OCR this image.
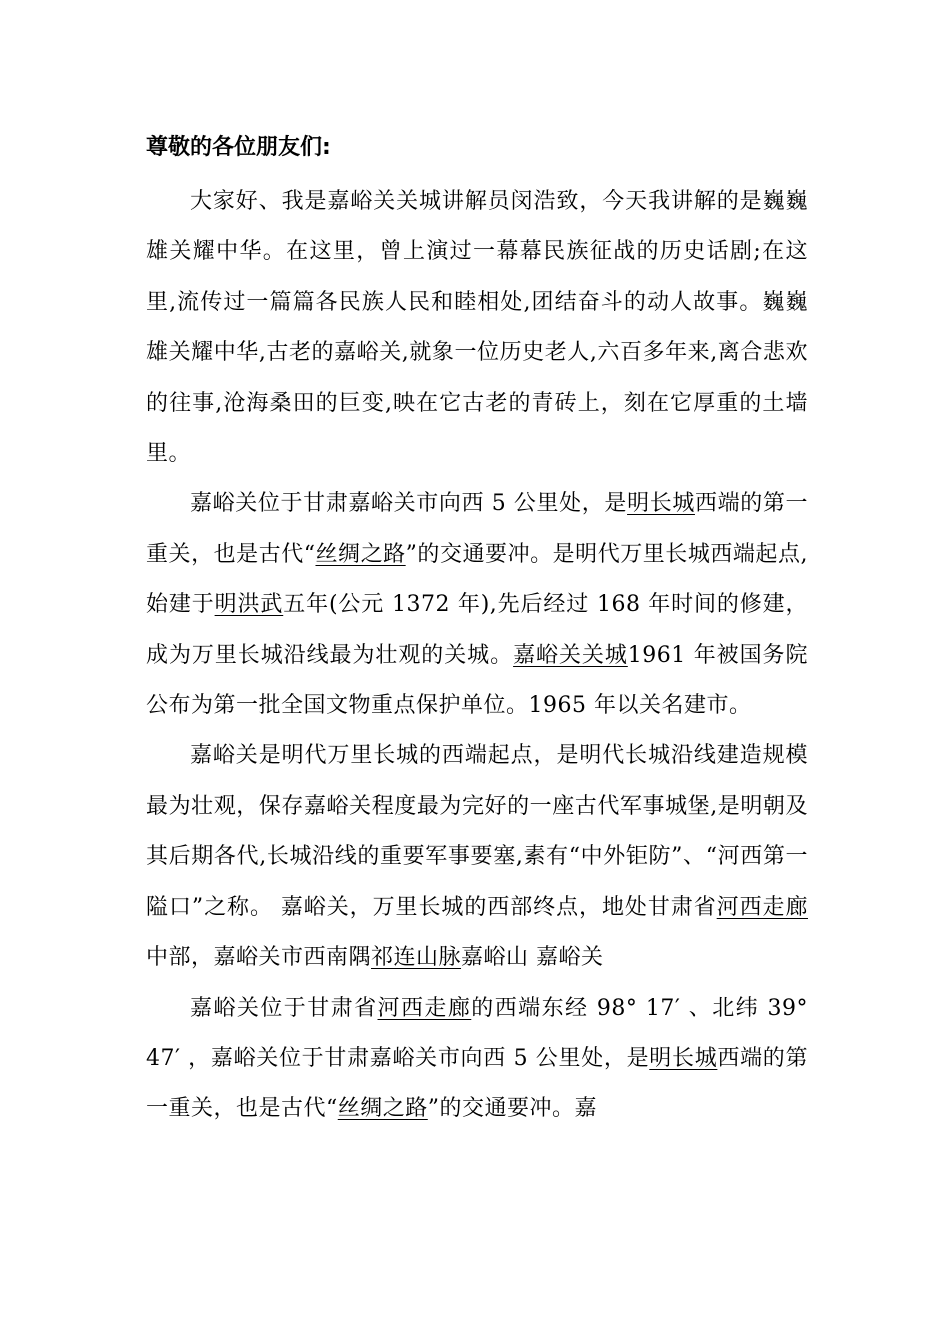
尊敬的各位朋友们:

大家好、我是嘉峪关关城讲解员闵浩致，今天我讲解的是巍巍雄关耀中华。在这里，曾上演过一幕幕民族征战的历史话剧;在这里,流传过一篇篇各民族人民和睦相处,团结奋斗的动人故事。巍巍雄关耀中华,古老的嘉峪关,就象一位历史老人,六百多年来,离合悲欢的往事,沧海桑田的巨变,映在它古老的青砖上，刻在它厚重的土墙里。

嘉峪关位于甘肃嘉峪关市向西 5 公里处，是明长城西端的第一重关，也是古代“丝绸之路”的交通要冲。是明代万里长城西端起点,始建于明洪武五年(公元 1372 年),先后经过 168 年时间的修建，成为万里长城沿线最为壮观的关城。嘉峪关关城1961 年被国务院公布为第一批全国文物重点保护单位。1965 年以关名建市。

嘉峪关是明代万里长城的西端起点，是明代长城沿线建造规模最为壮观，保存嘉峪关程度最为完好的一座古代军事城堡,是明朝及其后期各代,长城沿线的重要军事要塞,素有“中外钜防”、“河西第一隘口”之称。 嘉峪关，万里长城的西部终点，地处甘肃省河西走廊中部，嘉峪关市西南隅祁连山脉嘉峪山 嘉峪关

嘉峪关位于甘肃省河西走廊的西端东经 98° 17′ 、北纬 39° 47′ ，嘉峪关位于甘肃嘉峪关市向西 5 公里处，是明长城西端的第一重关，也是古代“丝绸之路”的交通要冲。嘉
